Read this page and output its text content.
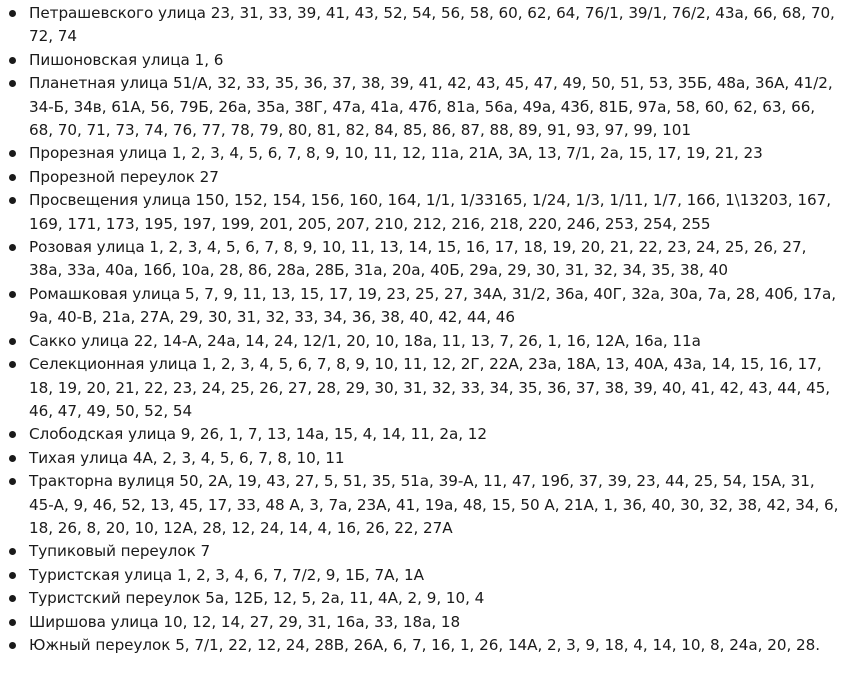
Петрашевского улица 23, 31, 33, 39, 41, 43, 52, 54, 56, 58, 60, 62, 64, 76/1, 39/1, 76/2, 43а, 66, 68, 70, 72, 74
Пишоновская улица 1, 6
Планетная улица 51/А, 32, 33, 35, 36, 37, 38, 39, 41, 42, 43, 45, 47, 49, 50, 51, 53, 35Б, 48а, 36А, 41/2, 34-Б, 34в, 61А, 56, 79Б, 26а, 35а, 38Г, 47а, 41а, 47б, 81а, 56а, 49а, 43б, 81Б, 97а, 58, 60, 62, 63, 66, 68, 70, 71, 73, 74, 76, 77, 78, 79, 80, 81, 82, 84, 85, 86, 87, 88, 89, 91, 93, 97, 99, 101
Прорезная улица 1, 2, 3, 4, 5, 6, 7, 8, 9, 10, 11, 12, 11а, 21А, 3А, 13, 7/1, 2а, 15, 17, 19, 21, 23
Прорезной переулок 27
Просвещения улица 150, 152, 154, 156, 160, 164, 1/1, 1/33165, 1/24, 1/3, 1/11, 1/7, 166, 1\13203, 167, 169, 171, 173, 195, 197, 199, 201, 205, 207, 210, 212, 216, 218, 220, 246, 253, 254, 255
Розовая улица 1, 2, 3, 4, 5, 6, 7, 8, 9, 10, 11, 13, 14, 15, 16, 17, 18, 19, 20, 21, 22, 23, 24, 25, 26, 27, 38а, 33а, 40а, 16б, 10а, 28, 86, 28а, 28Б, 31а, 20а, 40Б, 29а, 29, 30, 31, 32, 34, 35, 38, 40
Ромашковая улица 5, 7, 9, 11, 13, 15, 17, 19, 23, 25, 27, 34А, 31/2, 36а, 40Г, 32а, 30а, 7а, 28, 40б, 17а, 9а, 40-В, 21а, 27А, 29, 30, 31, 32, 33, 34, 36, 38, 40, 42, 44, 46
Сакко улица 22, 14-А, 24а, 14, 24, 12/1, 20, 10, 18а, 11, 13, 7, 26, 1, 16, 12А, 16а, 11а
Селекционная улица 1, 2, 3, 4, 5, 6, 7, 8, 9, 10, 11, 12, 2Г, 22А, 23а, 18А, 13, 40А, 43а, 14, 15, 16, 17, 18, 19, 20, 21, 22, 23, 24, 25, 26, 27, 28, 29, 30, 31, 32, 33, 34, 35, 36, 37, 38, 39, 40, 41, 42, 43, 44, 45, 46, 47, 49, 50, 52, 54
Слободская улица 9, 26, 1, 7, 13, 14а, 15, 4, 14, 11, 2а, 12
Тихая улица 4А, 2, 3, 4, 5, 6, 7, 8, 10, 11
Тракторна вулиця 50, 2А, 19, 43, 27, 5, 51, 35, 51а, 39-А, 11, 47, 19б, 37, 39, 23, 44, 25, 54, 15А, 31, 45-А, 9, 46, 52, 13, 45, 17, 33, 48 А, 3, 7а, 23А, 41, 19а, 48, 15, 50 А, 21А, 1, 36, 40, 30, 32, 38, 42, 34, 6, 18, 26, 8, 20, 10, 12А, 28, 12, 24, 14, 4, 16, 26, 22, 27А
Тупиковый переулок 7
Туристская улица 1, 2, 3, 4, 6, 7, 7/2, 9, 1Б, 7А, 1А
Туристский переулок 5а, 12Б, 12, 5, 2а, 11, 4А, 2, 9, 10, 4
Ширшова улица 10, 12, 14, 27, 29, 31, 16а, 33, 18а, 18
Южный переулок 5, 7/1, 22, 12, 24, 28В, 26А, 6, 7, 16, 1, 26, 14А, 2, 3, 9, 18, 4, 14, 10, 8, 24а, 20, 28.
